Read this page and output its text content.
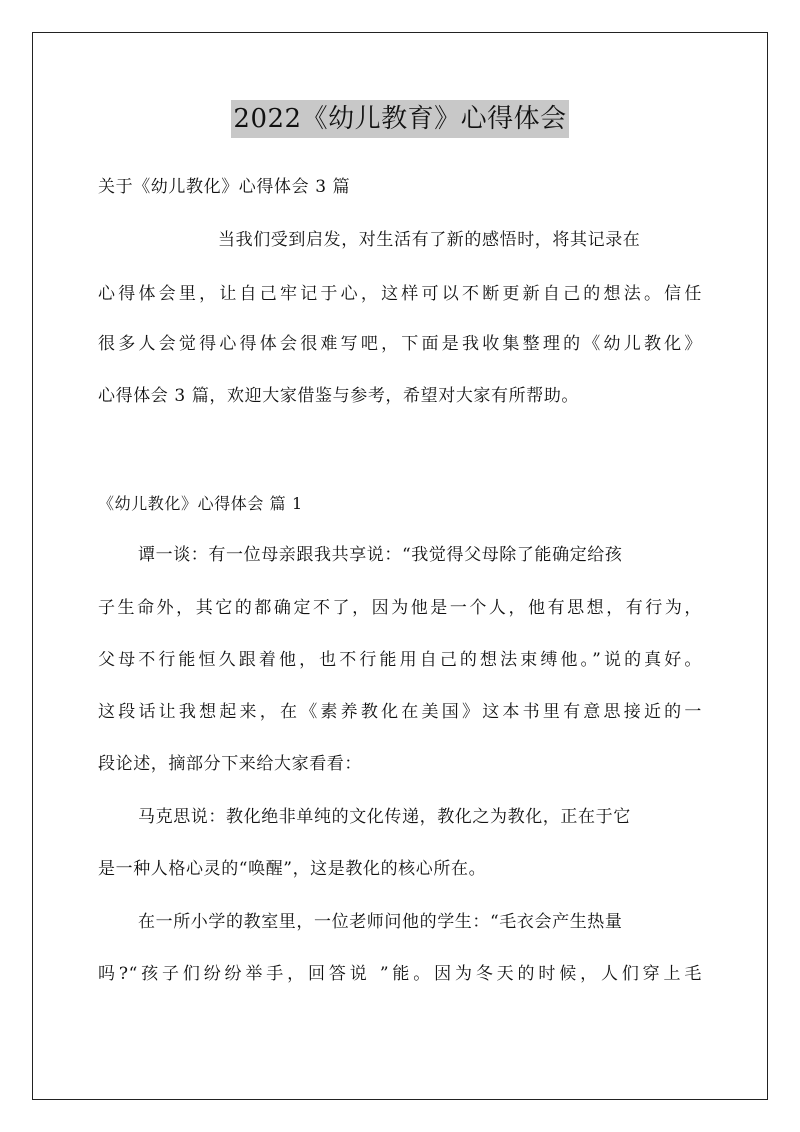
2022《幼儿教育》心得体会
关于《幼儿教化》心得体会 3 篇
当我们受到启发，对生活有了新的感悟时，将其记录在
心得体会里，让自己牢记于心，这样可以不断更新自己的想法。信任
很多人会觉得心得体会很难写吧，下面是我收集整理的《幼儿教化》
心得体会 3 篇，欢迎大家借鉴与参考，希望对大家有所帮助。
《幼儿教化》心得体会 篇 1
谭一谈：有一位母亲跟我共享说：“我觉得父母除了能确定给孩
子生命外，其它的都确定不了，因为他是一个人，他有思想，有行为，
父母不行能恒久跟着他，也不行能用自己的想法束缚他。”说的真好。
这段话让我想起来，在《素养教化在美国》这本书里有意思接近的一
段论述，摘部分下来给大家看看：
马克思说：教化绝非单纯的文化传递，教化之为教化，正在于它
是一种人格心灵的“唤醒”，这是教化的核心所在。
在一所小学的教室里，一位老师问他的学生：“毛衣会产生热量
吗?“孩子们纷纷举手，回答说 ”能。因为冬天的时候，人们穿上毛
